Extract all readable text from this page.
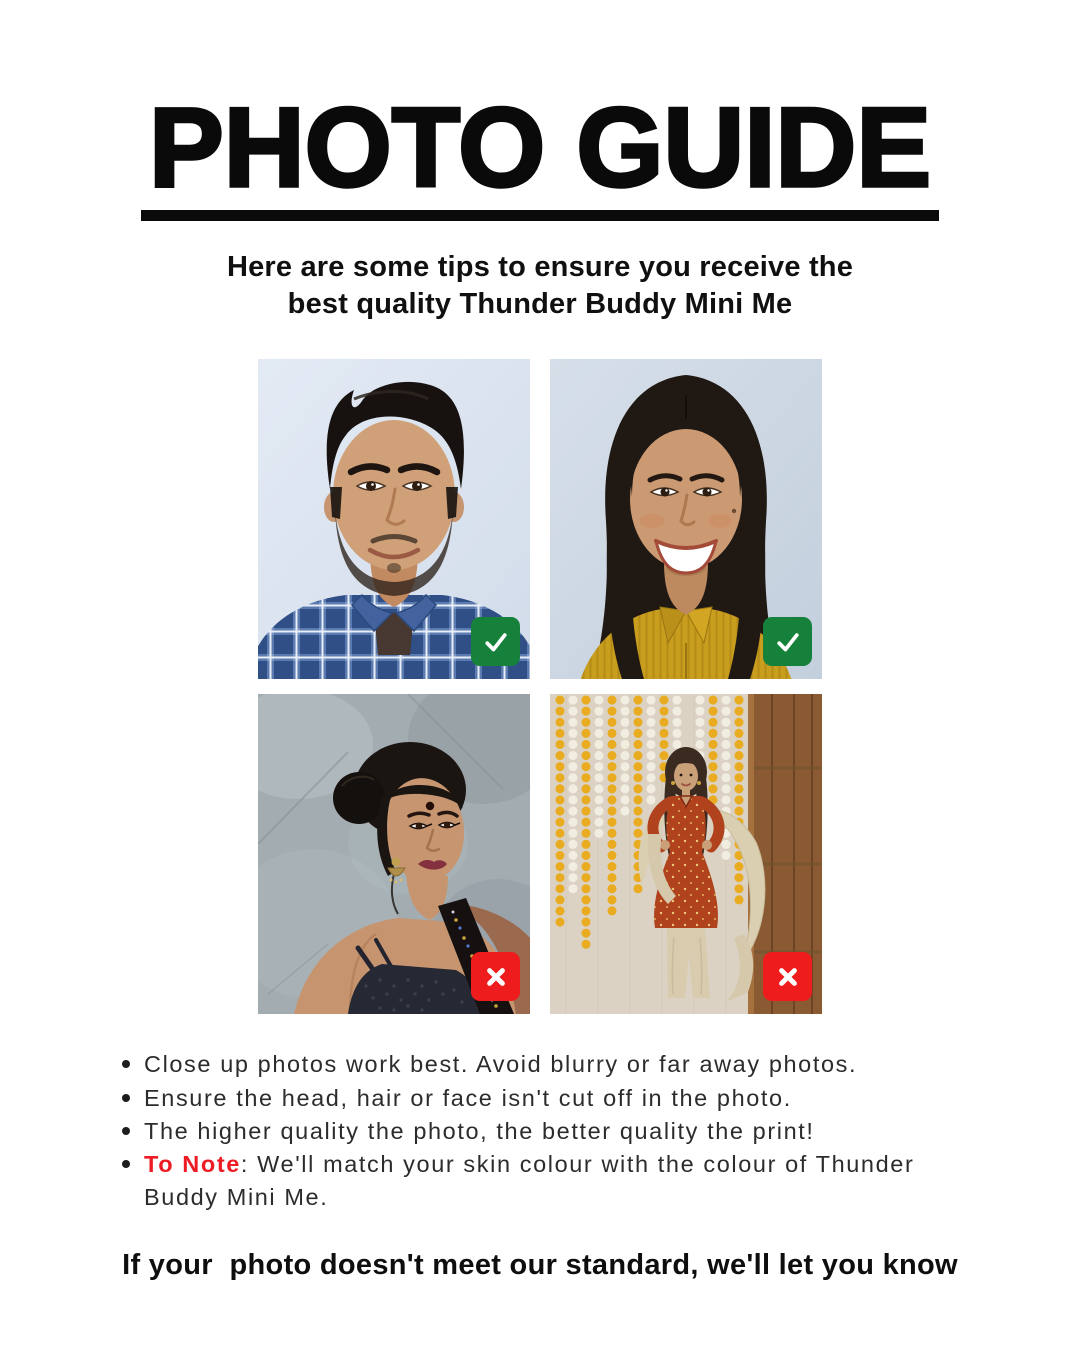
PHOTO GUIDE
Here are some tips to ensure you receive the
best quality Thunder Buddy Mini Me
Close up photos work best. Avoid blurry or far away photos.
Ensure the head, hair or face isn't cut off in the photo.
The higher quality the photo, the better quality the print!
To Note: We'll match your skin colour with the colour of Thunder Buddy Mini Me.
If your  photo doesn't meet our standard, we'll let you know
